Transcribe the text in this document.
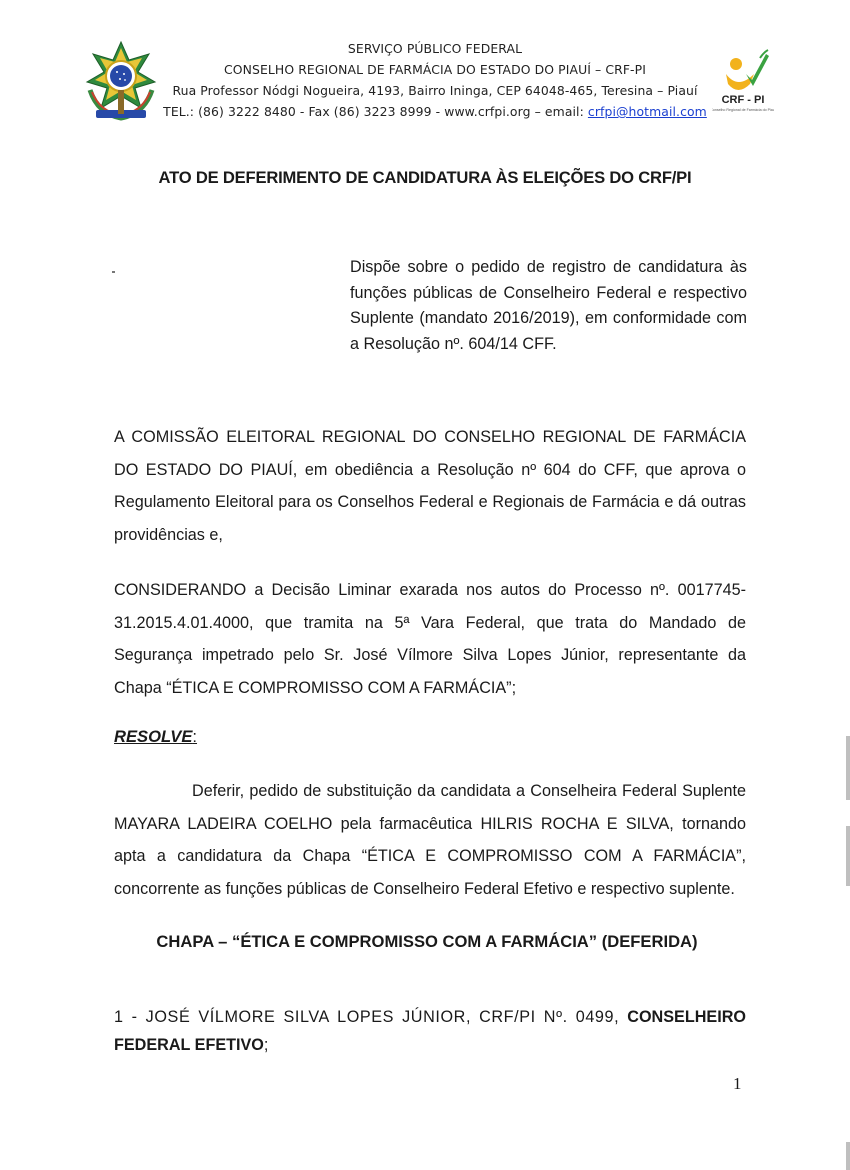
SERVIÇO PÚBLICO FEDERAL
CONSELHO REGIONAL DE FARMÁCIA DO ESTADO DO PIAUÍ – CRF-PI
Rua Professor Nódgi Nogueira, 4193, Bairro Ininga, CEP 64048-465, Teresina – Piauí
TEL.: (86) 3222 8480 - Fax (86) 3223 8999 - www.crfpi.org – email: crfpi@hotmail.com
CRF - PI
Conselho Regional de Farmácia do Piauí
ATO DE DEFERIMENTO DE CANDIDATURA ÀS ELEIÇÕES DO CRF/PI
Dispõe sobre o pedido de registro de candidatura às funções públicas de Conselheiro Federal e respectivo Suplente (mandato 2016/2019), em conformidade com a Resolução nº. 604/14 CFF.
A COMISSÃO ELEITORAL REGIONAL DO CONSELHO REGIONAL DE FARMÁCIA DO ESTADO DO PIAUÍ, em obediência a Resolução nº 604 do CFF, que aprova o Regulamento Eleitoral para os Conselhos Federal e Regionais de Farmácia e dá outras providências e,
CONSIDERANDO a Decisão Liminar exarada nos autos do Processo nº. 0017745-31.2015.4.01.4000, que tramita na 5ª Vara Federal, que trata do Mandado de Segurança impetrado pelo Sr. José Vílmore Silva Lopes Júnior, representante da Chapa “ÉTICA E COMPROMISSO COM A FARMÁCIA”;
RESOLVE:
Deferir, pedido de substituição da candidata a Conselheira Federal Suplente MAYARA LADEIRA COELHO pela farmacêutica HILRIS ROCHA E SILVA, tornando apta a candidatura da Chapa “ÉTICA E COMPROMISSO COM A FARMÁCIA”, concorrente as funções públicas de Conselheiro Federal Efetivo e respectivo suplente.
CHAPA – “ÉTICA E COMPROMISSO COM A FARMÁCIA” (DEFERIDA)
1 - JOSÉ VÍLMORE SILVA LOPES JÚNIOR, CRF/PI Nº. 0499, CONSELHEIRO FEDERAL EFETIVO;
1
